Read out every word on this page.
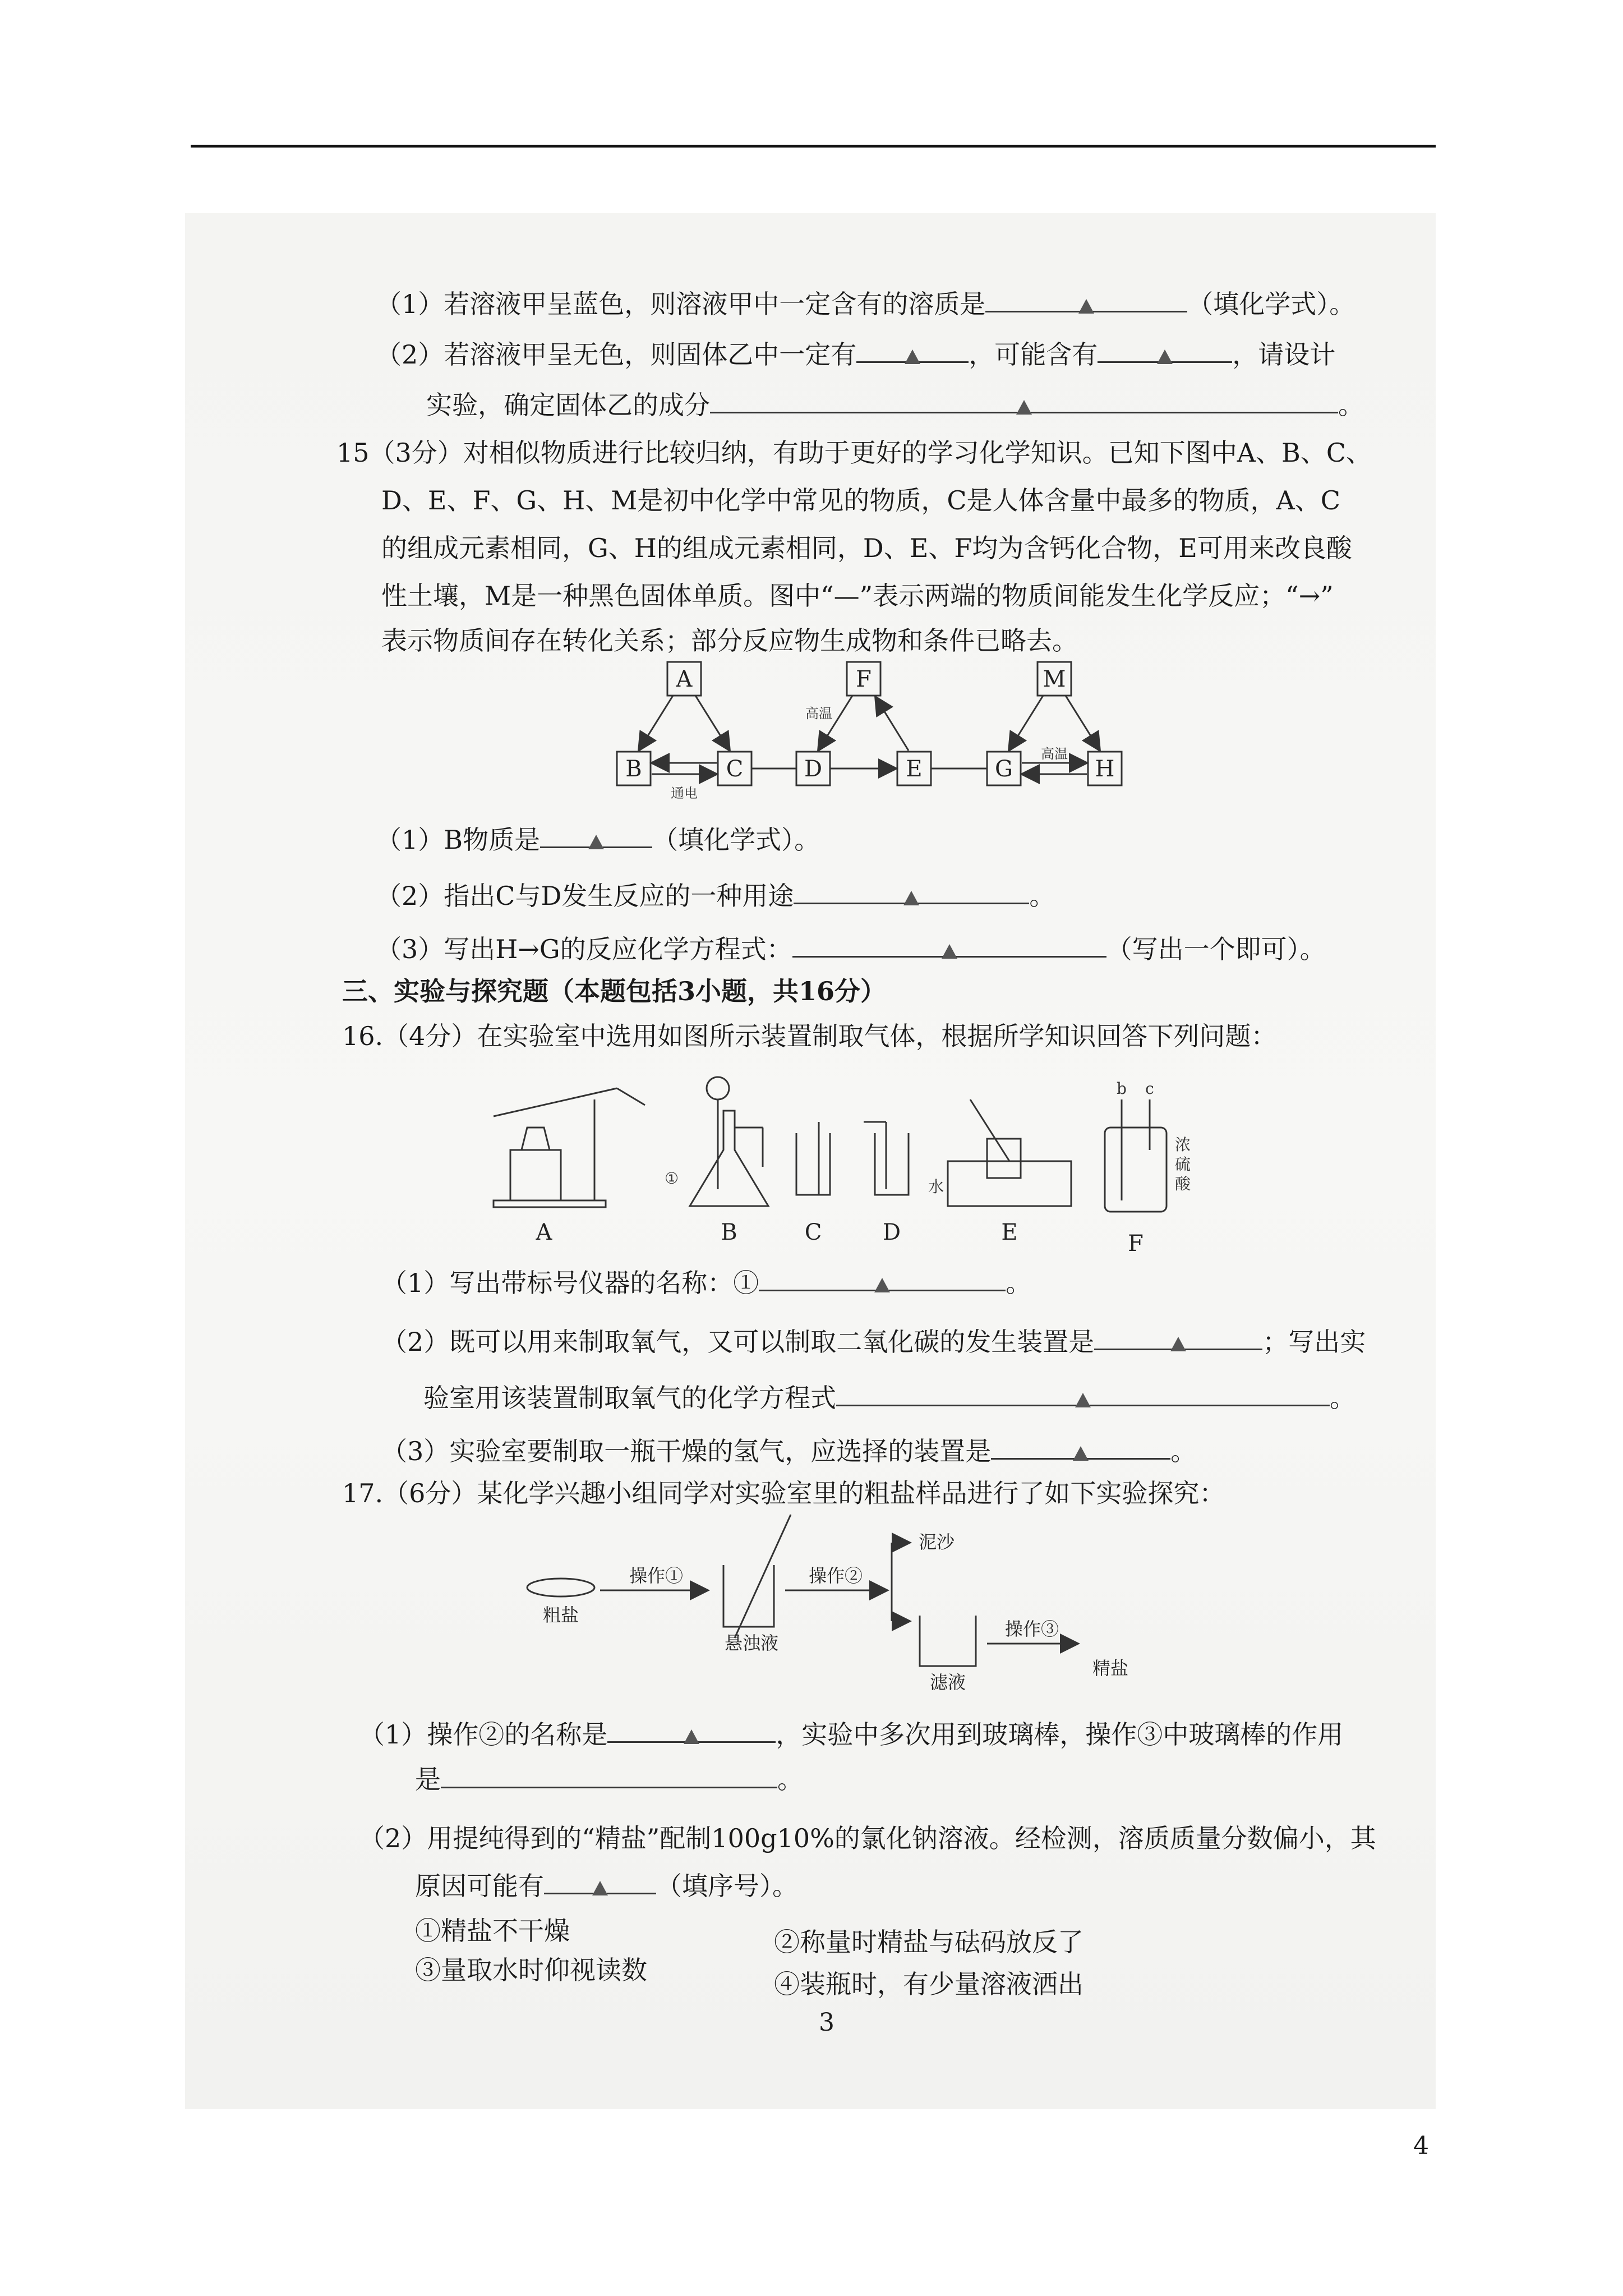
（1）若溶液甲呈蓝色，则溶液甲中一定含有的溶质是	（填化学式）。
（2）若溶液甲呈无色，则固体乙中一定有	，可能含有	，请设计
实验，确定固体乙的成分	。
15（3分）对相似物质进行比较归纳，有助于更好的学习化学知识。已知下图中A、B、C、
D、E、F、G、H、M是初中化学中常见的物质，C是人体含量中最多的物质，A、C
的组成元素相同，G、H的组成元素相同，D、E、F均为含钙化合物，E可用来改良酸
性土壤，M是一种黑色固体单质。图中“—”表示两端的物质间能发生化学反应；“→”
表示物质间存在转化关系；部分反应物生成物和条件已略去。
A
B	C	D	E
F
G	H
M
高温
高温
通电
（1）B物质是	（填化学式）。
（2）指出C与D发生反应的一种用途	。
（3）写出H→G的反应化学方程式：	（写出一个即可）。
三、实验与探究题（本题包括3小题，共16分）
16.（4分）在实验室中选用如图所示装置制取气体，根据所学知识回答下列问题：
A	B	C	D	E	F
①	水
b c
浓
硫
酸
（1）写出带标号仪器的名称：①	。
（2）既可以用来制取氧气，又可以制取二氧化碳的发生装置是	；写出实
验室用该装置制取氧气的化学方程式	。
（3）实验室要制取一瓶干燥的氢气，应选择的装置是	。
17.（6分）某化学兴趣小组同学对实验室里的粗盐样品进行了如下实验探究：
粗盐
操作①
悬浊液
操作②
泥沙
滤液
操作③
精盐
（1）操作②的名称是	，实验中多次用到玻璃棒，操作③中玻璃棒的作用
是	。
（2）用提纯得到的“精盐”配制100g10%的氯化钠溶液。经检测，溶质质量分数偏小，其
原因可能有	（填序号）。
①精盐不干燥	②称量时精盐与砝码放反了
③量取水时仰视读数	④装瓶时，有少量溶液洒出
3
4
